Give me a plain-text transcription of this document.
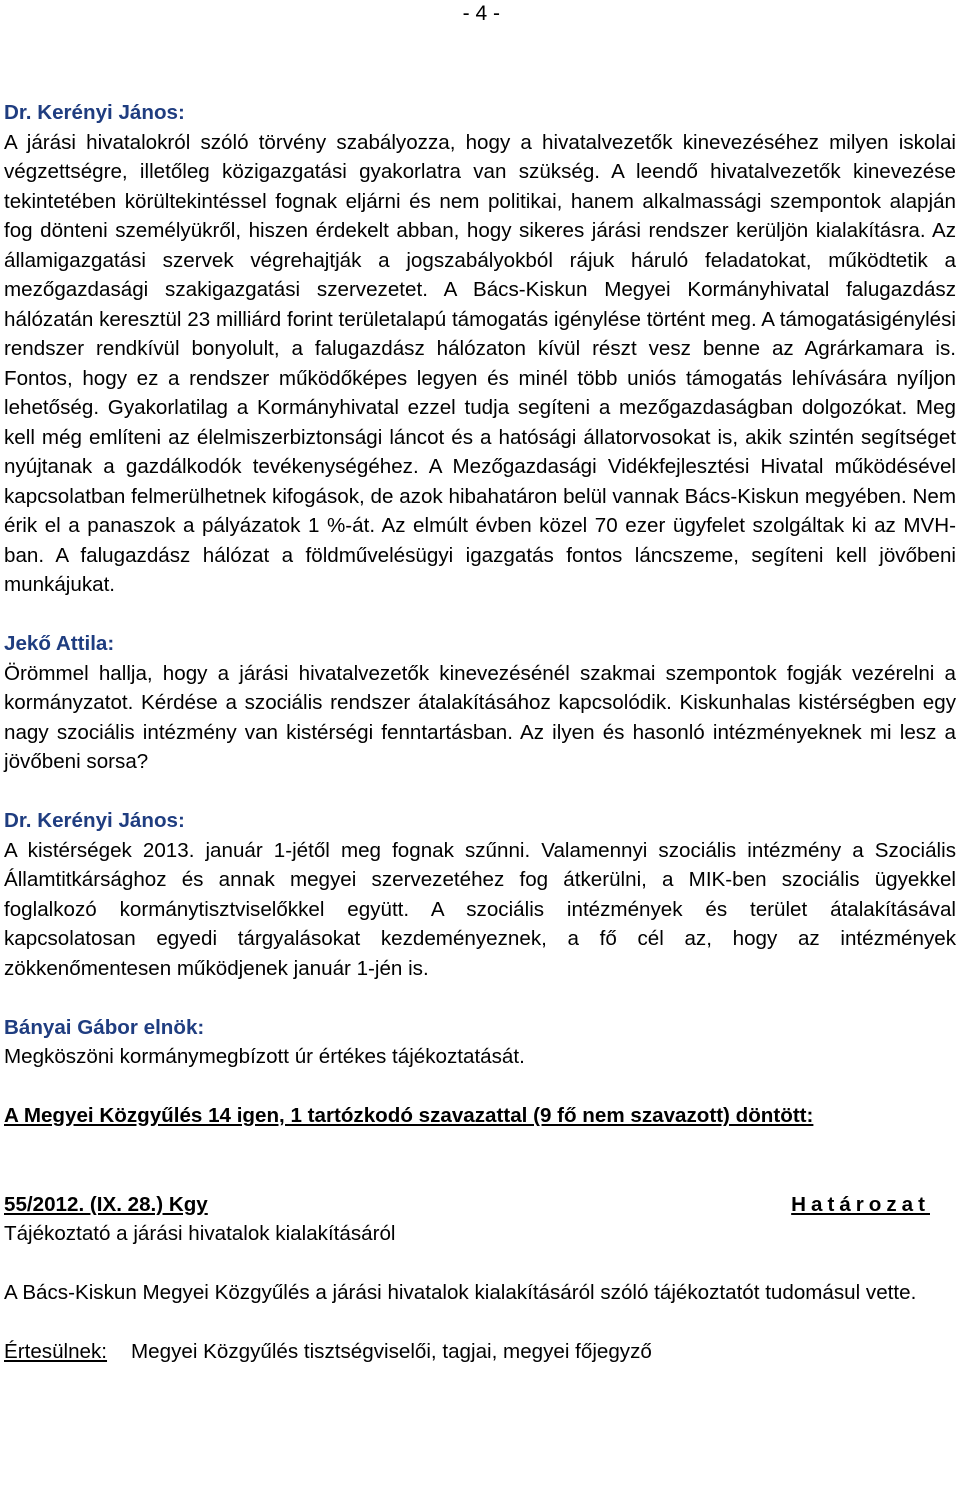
- 4 -

Dr. Kerényi János:

A járási hivatalokról szóló törvény szabályozza, hogy a hivatalvezetők kinevezéséhez milyen iskolai végzettségre, illetőleg közigazgatási gyakorlatra van szükség. A leendő hivatalvezetők kinevezése tekintetében körültekintéssel fognak eljárni és nem politikai, hanem alkalmassági szempontok alapján fog dönteni személyükről, hiszen érdekelt abban, hogy sikeres járási rendszer kerüljön kialakításra. Az államigazgatási szervek végrehajtják a jogszabályokból rájuk háruló feladatokat, működtetik a mezőgazdasági szakigazgatási szervezetet. A Bács-Kiskun Megyei Kormányhivatal falugazdász hálózatán keresztül 23 milliárd forint területalapú támogatás igénylése történt meg. A támogatásigénylési rendszer rendkívül bonyolult, a falugazdász hálózaton kívül részt vesz benne az Agrárkamara is. Fontos, hogy ez a rendszer működőképes legyen és minél több uniós támogatás lehívására nyíljon lehetőség. Gyakorlatilag a Kormányhivatal ezzel tudja segíteni a mezőgazdaságban dolgozókat. Meg kell még említeni az élelmiszerbiztonsági láncot és a hatósági állatorvosokat is, akik szintén segítséget nyújtanak a gazdálkodók tevékenységéhez. A Mezőgazdasági Vidékfejlesztési Hivatal működésével kapcsolatban felmerülhetnek kifogások, de azok hibahatáron belül vannak Bács-Kiskun megyében. Nem érik el a panaszok a pályázatok 1 %-át. Az elmúlt évben közel 70 ezer ügyfelet szolgáltak ki az MVH-ban. A falugazdász hálózat a földművelésügyi igazgatás fontos láncszeme, segíteni kell jövőbeni munkájukat.

Jekő Attila:

Örömmel hallja, hogy a járási hivatalvezetők kinevezésénél szakmai szempontok fogják vezérelni a kormányzatot. Kérdése a szociális rendszer átalakításához kapcsolódik. Kiskunhalas kistérségben egy nagy szociális intézmény van kistérségi fenntartásban. Az ilyen és hasonló intézményeknek mi lesz a jövőbeni sorsa?

Dr. Kerényi János:

A kistérségek 2013. január 1-jétől meg fognak szűnni. Valamennyi szociális intézmény a Szociális Államtitkársághoz és annak megyei szervezetéhez fog átkerülni, a MIK-ben szociális ügyekkel foglalkozó kormánytisztviselőkkel együtt. A szociális intézmények és terület átalakításával kapcsolatosan egyedi tárgyalásokat kezdeményeznek, a fő cél az, hogy az intézmények zökkenőmentesen működjenek január 1-jén is.

Bányai Gábor elnök:

Megköszöni kormánymegbízott úr értékes tájékoztatását.

A Megyei Közgyűlés 14 igen, 1 tartózkodó szavazattal (9 fő nem szavazott) döntött:

55/2012. (IX. 28.) Kgy	Határozat

Tájékoztató a járási hivatalok kialakításáról

A Bács-Kiskun Megyei Közgyűlés a járási hivatalok kialakításáról szóló tájékoztatót tudomásul vette.

Értesülnek: Megyei Közgyűlés tisztségviselői, tagjai, megyei főjegyző
